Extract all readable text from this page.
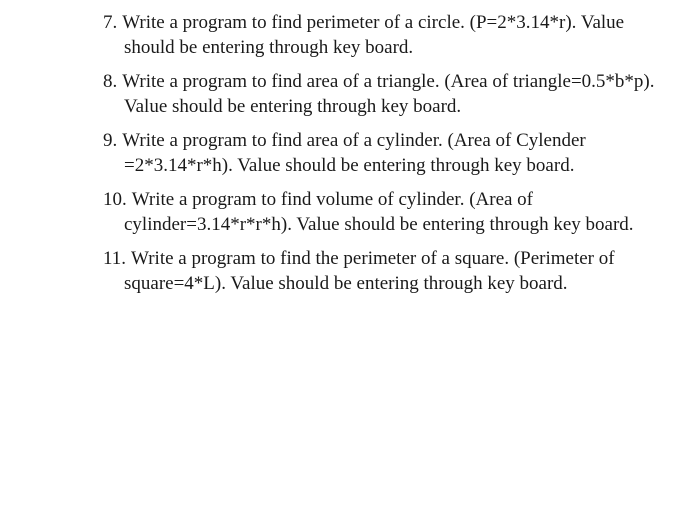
7. Write a program to find perimeter of a circle. (P=2*3.14*r). Value should be entering through key board.
8. Write a program to find area of a triangle. (Area of triangle=0.5*b*p). Value should be entering through key board.
9. Write a program to find area of a cylinder. (Area of Cylender =2*3.14*r*h). Value should be entering through key board.
10. Write a program to find volume of cylinder. (Area of cylinder=3.14*r*r*h). Value should be entering through key board.
11. Write a program to find the perimeter of a square. (Perimeter of square=4*L). Value should be entering through key board.
